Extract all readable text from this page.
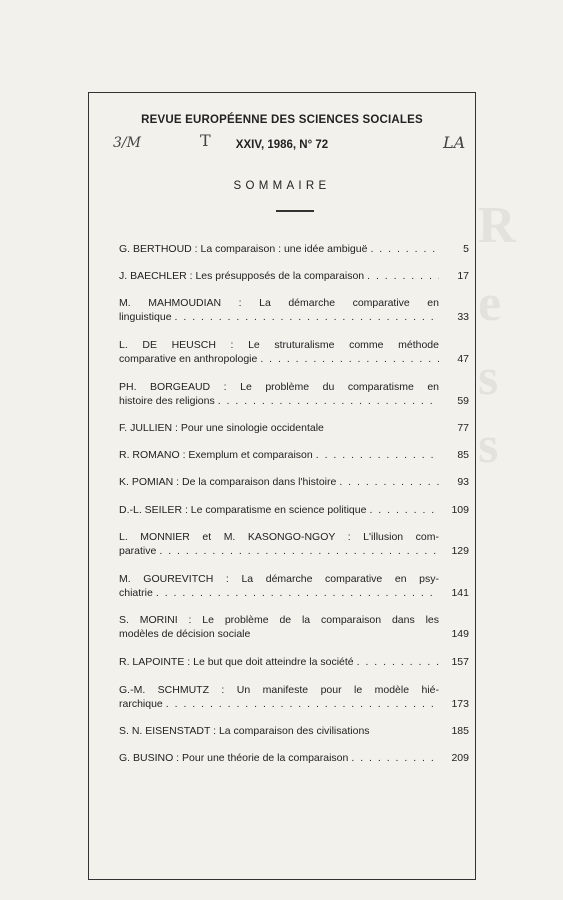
R
e
s
s
REVUE EUROPÉENNE DES SCIENCES SOCIALES
XXIV, 1986, N° 72
3/M	T	LA
SOMMAIRE
G. BERTHOUD : La comparaison : une idée ambiguë . . .	5
J. BAECHLER : Les présupposés de la comparaison . . .	17
M. MAHMOUDIAN : La démarche comparative en
linguistique . . .	33
L. DE HEUSCH : Le struturalisme comme méthode
comparative en anthropologie . . .	47
PH. BORGEAUD : Le problème du comparatisme en
histoire des religions . . .	59
F. JULLIEN : Pour une sinologie occidentale	77
R. ROMANO : Exemplum et comparaison . . .	85
K. POMIAN : De la comparaison dans l'histoire . . .	93
D.-L. SEILER : Le comparatisme en science politique . . .	109
L. MONNIER et M. KASONGO-NGOY : L'illusion com-
parative . . .	129
M. GOUREVITCH : La démarche comparative en psy-
chiatrie . . .	141
S. MORINI : Le problème de la comparaison dans les
modèles de décision sociale	149
R. LAPOINTE : Le but que doit atteindre la société . . .	157
G.-M. SCHMUTZ : Un manifeste pour le modèle hié-
rarchique . . .	173
S. N. EISENSTADT : La comparaison des civilisations	185
G. BUSINO : Pour une théorie de la comparaison . . .	209
